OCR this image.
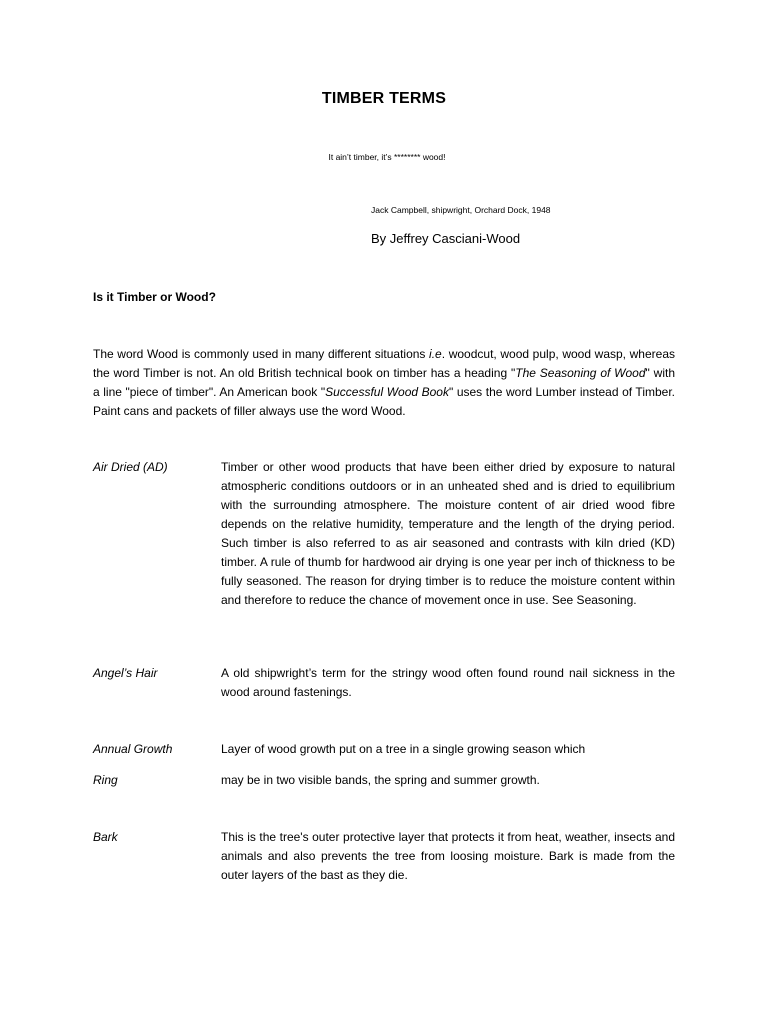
TIMBER TERMS

It ain’t timber, it’s ******** wood!

Jack Campbell, shipwright, Orchard Dock, 1948

By Jeffrey Casciani-Wood

Is it Timber or Wood?

The word Wood is commonly used in many different situations i.e. woodcut, wood pulp, wood wasp, whereas the word Timber is not. An old British technical book on timber has a heading "The Seasoning of Wood" with a line "piece of timber". An American book "Successful Wood Book" uses the word Lumber instead of Timber. Paint cans and packets of filler always use the word Wood.

Air Dried (AD)	Timber or other wood products that have been either dried by exposure to natural atmospheric conditions outdoors or in an unheated shed and is dried to equilibrium with the surrounding atmosphere. The moisture content of air dried wood fibre depends on the relative humidity, temperature and the length of the drying period. Such timber is also referred to as air seasoned and contrasts with kiln dried (KD) timber. A rule of thumb for hardwood air drying is one year per inch of thickness to be fully seasoned. The reason for drying timber is to reduce the moisture content within and therefore to reduce the chance of movement once in use. See Seasoning.

Angel’s Hair	A old shipwright’s term for the stringy wood often found round nail sickness in the wood around fastenings.

Annual Growth	Layer of wood growth put on a tree in a single growing season which

Ring	may be in two visible bands, the spring and summer growth.

Bark	This is the tree's outer protective layer that protects it from heat, weather, insects and animals and also prevents the tree from loosing moisture. Bark is made from the outer layers of the bast as they die.
